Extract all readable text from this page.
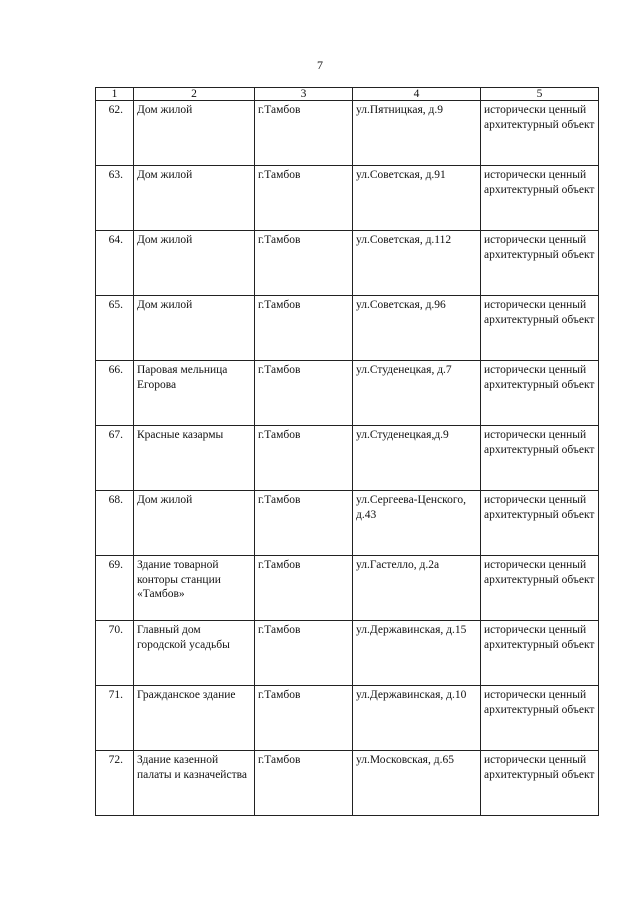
7
1	2	3	4	5
62.	Дом жилой	г.Тамбов	ул.Пятницкая, д.9	исторически ценный архитектурный объект
63.	Дом жилой	г.Тамбов	ул.Советская, д.91	исторически ценный архитектурный объект
64.	Дом жилой	г.Тамбов	ул.Советская, д.112	исторически ценный архитектурный объект
65.	Дом жилой	г.Тамбов	ул.Советская, д.96	исторически ценный архитектурный объект
66.	Паровая мельница Егорова	г.Тамбов	ул.Студенецкая, д.7	исторически ценный архитектурный объект
67.	Красные казармы	г.Тамбов	ул.Студенецкая,д.9	исторически ценный архитектурный объект
68.	Дом жилой	г.Тамбов	ул.Сергеева-Ценского, д.43	исторически ценный архитектурный объект
69.	Здание товарной конторы станции «Тамбов»	г.Тамбов	ул.Гастелло, д.2а	исторически ценный архитектурный объект
70.	Главный дом городской усадьбы	г.Тамбов	ул.Державинская, д.15	исторически ценный архитектурный объект
71.	Гражданское здание	г.Тамбов	ул.Державинская, д.10	исторически ценный архитектурный объект
72.	Здание казенной палаты и казначейства	г.Тамбов	ул.Московская, д.65	исторически ценный архитектурный объект
